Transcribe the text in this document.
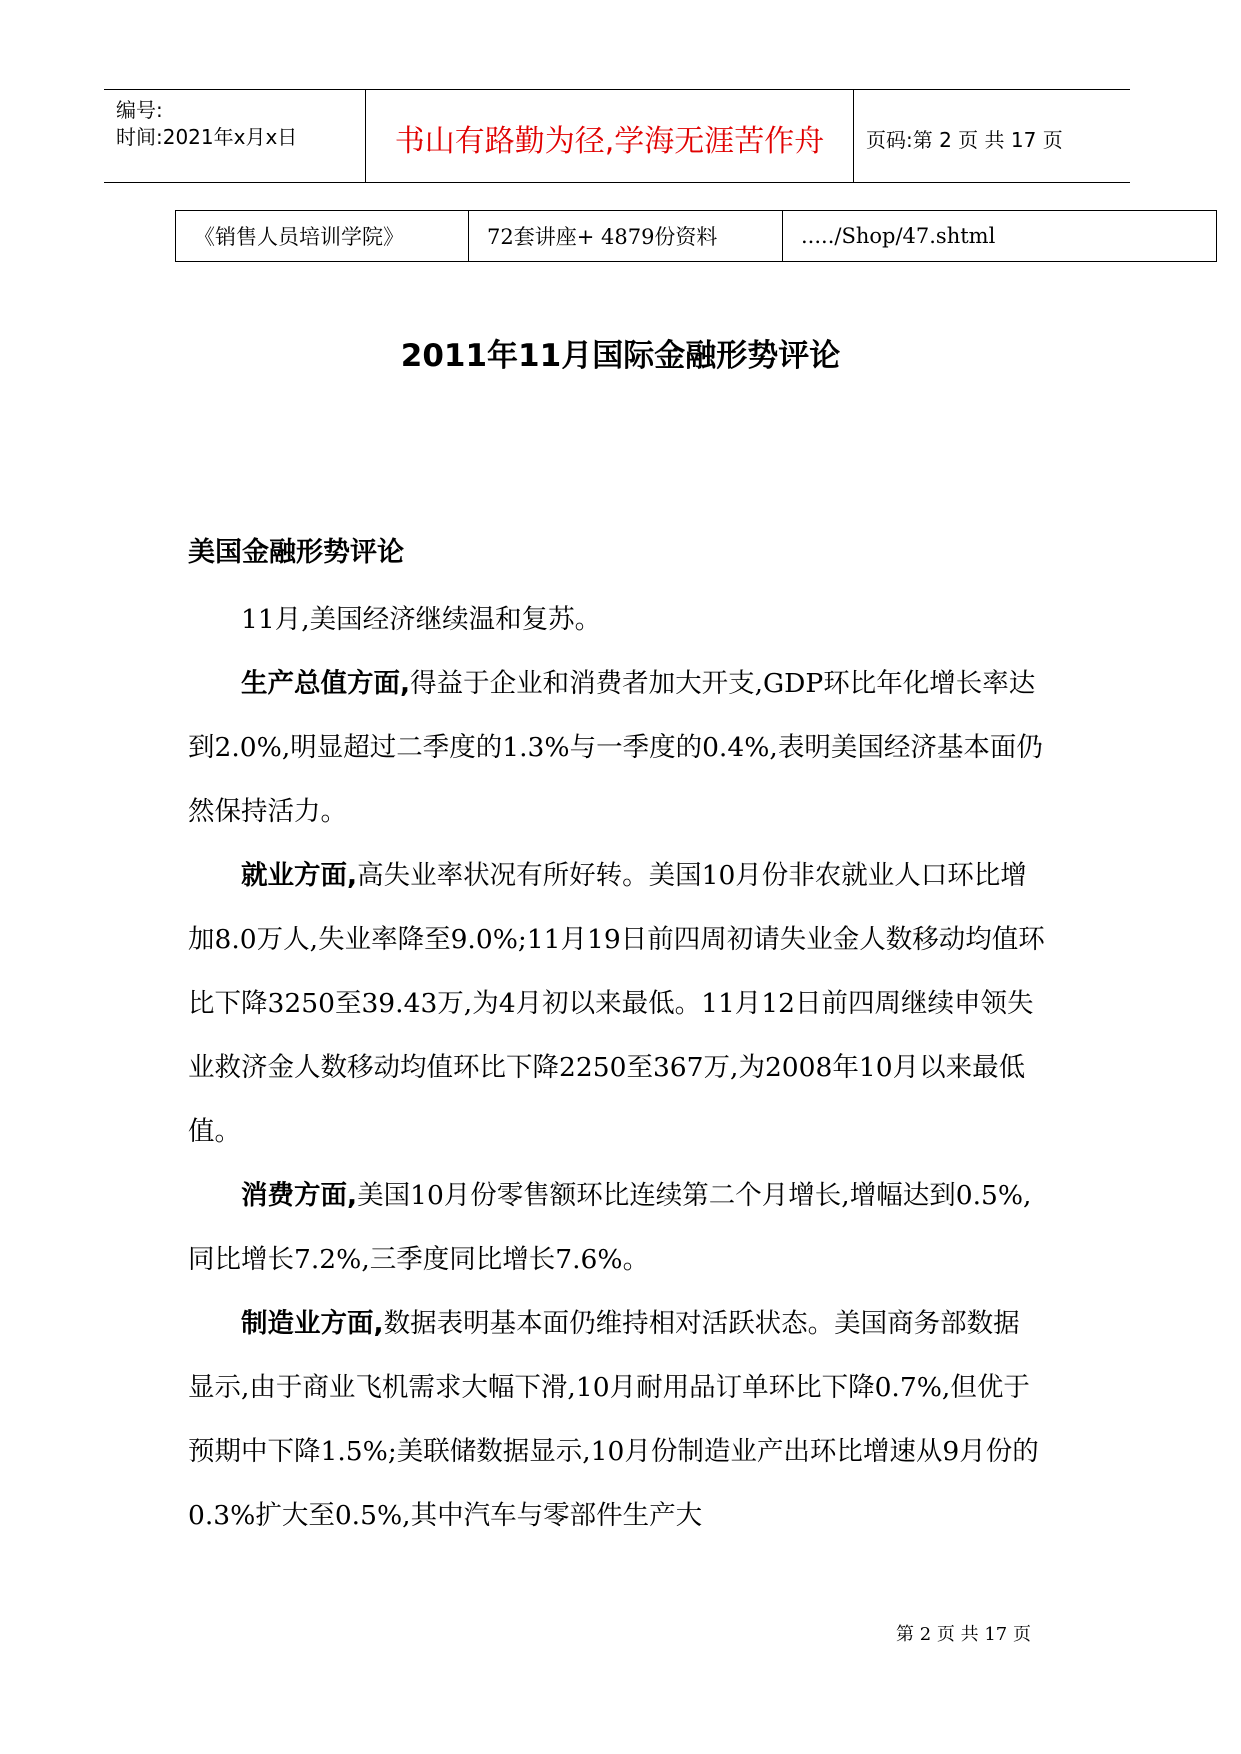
编号:
时间:2021年x月x日	书山有路勤为径,学海无涯苦作舟	页码:第 2 页 共 17 页
《销售人员培训学院》	72套讲座+ 4879份资料	...../Shop/47.shtml
2011年11月国际金融形势评论
美国金融形势评论

11月,美国经济继续温和复苏。

生产总值方面,得益于企业和消费者加大开支,GDP环比年化增长率达到2.0%,明显超过二季度的1.3%与一季度的0.4%,表明美国经济基本面仍然保持活力。

就业方面,高失业率状况有所好转。美国10月份非农就业人口环比增加8.0万人,失业率降至9.0%;11月19日前四周初请失业金人数移动均值环比下降3250至39.43万,为4月初以来最低。11月12日前四周继续申领失业救济金人数移动均值环比下降2250至367万,为2008年10月以来最低值。

消费方面,美国10月份零售额环比连续第二个月增长,增幅达到0.5%,同比增长7.2%,三季度同比增长7.6%。

制造业方面,数据表明基本面仍维持相对活跃状态。美国商务部数据显示,由于商业飞机需求大幅下滑,10月耐用品订单环比下降0.7%,但优于预期中下降1.5%;美联储数据显示,10月份制造业产出环比增速从9月份的0.3%扩大至0.5%,其中汽车与零部件生产大

第 2 页 共 17 页
